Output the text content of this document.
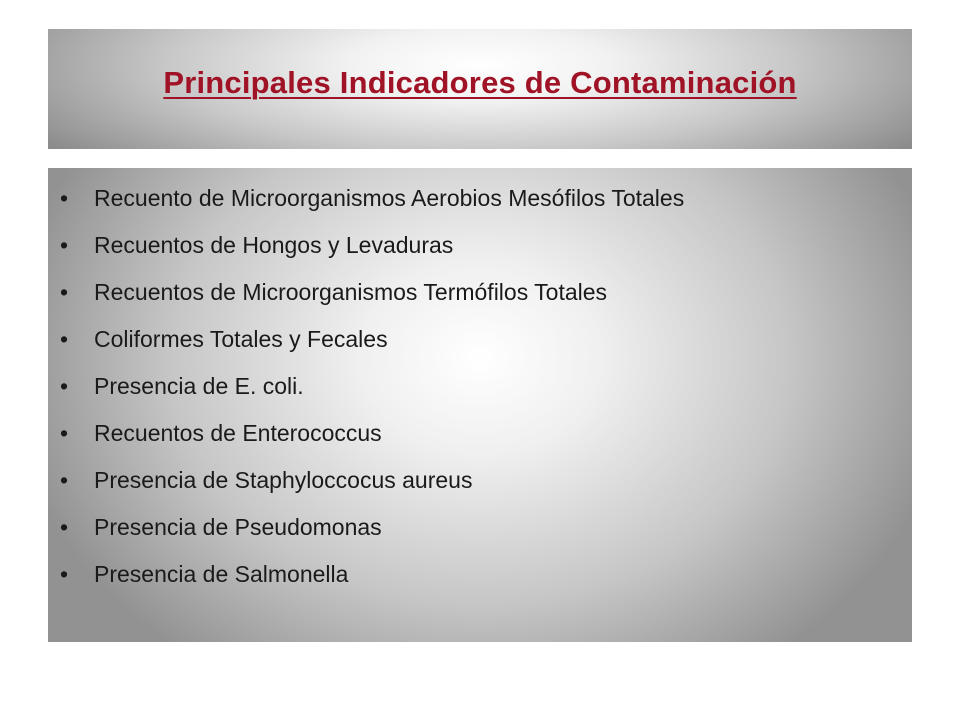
Principales Indicadores de Contaminación
• Recuento de Microorganismos Aerobios Mesófilos Totales
• Recuentos de Hongos y Levaduras
• Recuentos de Microorganismos Termófilos Totales
• Coliformes Totales y Fecales
• Presencia de E. coli.
• Recuentos de Enterococcus
• Presencia de Staphyloccocus aureus
• Presencia de Pseudomonas
• Presencia de Salmonella
